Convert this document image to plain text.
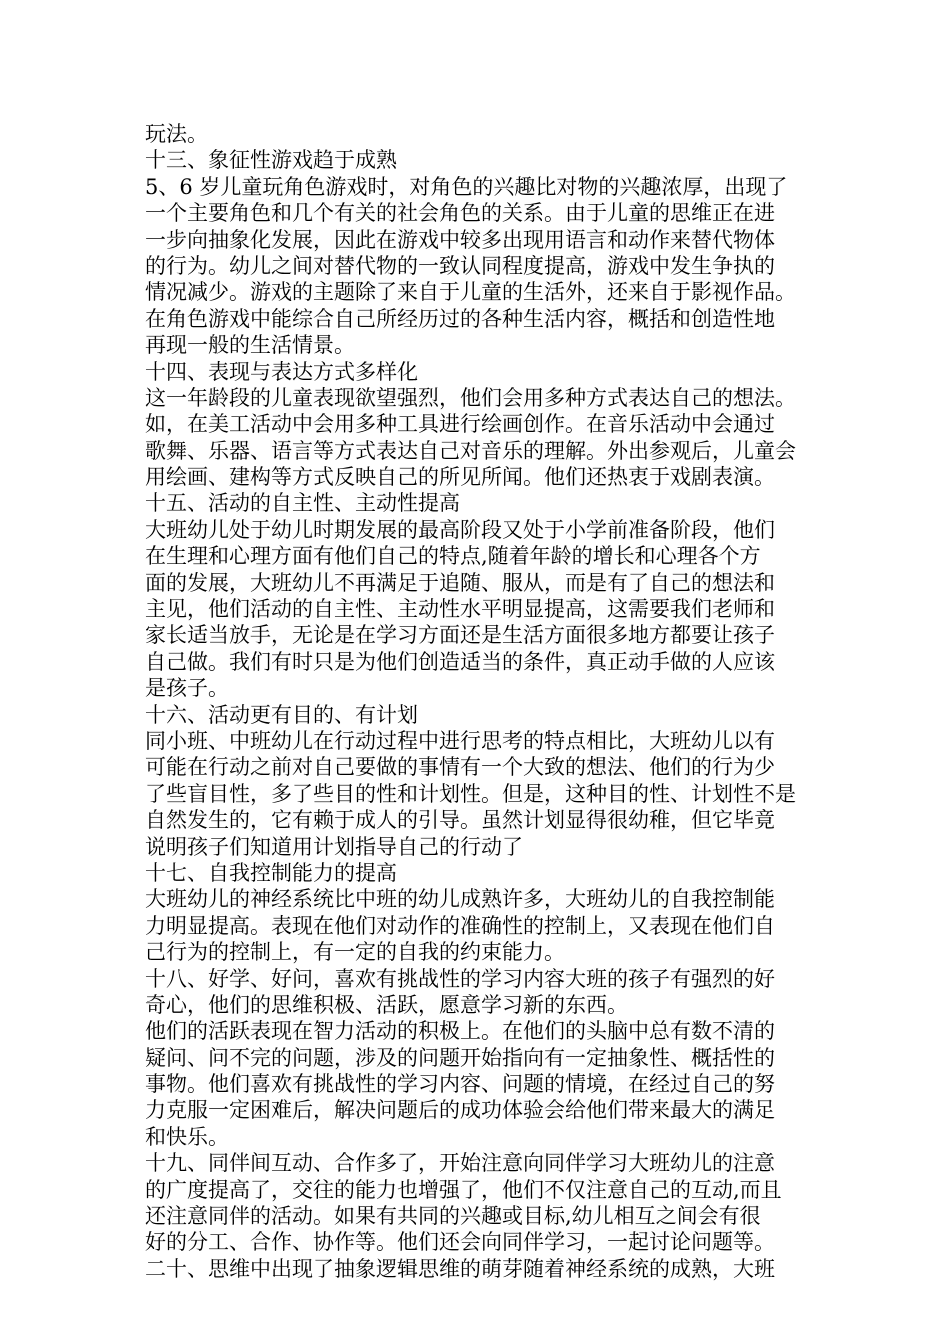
玩法。
十三、象征性游戏趋于成熟
5、6 岁儿童玩角色游戏时，对角色的兴趣比对物的兴趣浓厚，出现了
一个主要角色和几个有关的社会角色的关系。由于儿童的思维正在进
一步向抽象化发展，因此在游戏中较多出现用语言和动作来替代物体
的行为。幼儿之间对替代物的一致认同程度提高，游戏中发生争执的
情况减少。游戏的主题除了来自于儿童的生活外，还来自于影视作品。
在角色游戏中能综合自己所经历过的各种生活内容，概括和创造性地
再现一般的生活情景。
十四、表现与表达方式多样化
这一年龄段的儿童表现欲望强烈，他们会用多种方式表达自己的想法。
如，在美工活动中会用多种工具进行绘画创作。在音乐活动中会通过
歌舞、乐器、语言等方式表达自己对音乐的理解。外出参观后，儿童会
用绘画、建构等方式反映自己的所见所闻。他们还热衷于戏剧表演。
十五、活动的自主性、主动性提高
大班幼儿处于幼儿时期发展的最高阶段又处于小学前准备阶段，他们
在生理和心理方面有他们自己的特点,随着年龄的增长和心理各个方
面的发展，大班幼儿不再满足于追随、服从，而是有了自己的想法和
主见，他们活动的自主性、主动性水平明显提高，这需要我们老师和
家长适当放手，无论是在学习方面还是生活方面很多地方都要让孩子
自己做。我们有时只是为他们创造适当的条件，真正动手做的人应该
是孩子。
十六、活动更有目的、有计划
同小班、中班幼儿在行动过程中进行思考的特点相比，大班幼儿以有
可能在行动之前对自己要做的事情有一个大致的想法、他们的行为少
了些盲目性，多了些目的性和计划性。但是，这种目的性、计划性不是
自然发生的，它有赖于成人的引导。虽然计划显得很幼稚，但它毕竟
说明孩子们知道用计划指导自己的行动了
十七、自我控制能力的提高
大班幼儿的神经系统比中班的幼儿成熟许多，大班幼儿的自我控制能
力明显提高。表现在他们对动作的准确性的控制上，又表现在他们自
己行为的控制上，有一定的自我的约束能力。
十八、好学、好问，喜欢有挑战性的学习内容大班的孩子有强烈的好
奇心，他们的思维积极、活跃，愿意学习新的东西。
他们的活跃表现在智力活动的积极上。在他们的头脑中总有数不清的
疑问、问不完的问题，涉及的问题开始指向有一定抽象性、概括性的
事物。他们喜欢有挑战性的学习内容、问题的情境，在经过自己的努
力克服一定困难后，解决问题后的成功体验会给他们带来最大的满足
和快乐。
十九、同伴间互动、合作多了，开始注意向同伴学习大班幼儿的注意
的广度提高了，交往的能力也增强了，他们不仅注意自己的互动,而且
还注意同伴的活动。如果有共同的兴趣或目标,幼儿相互之间会有很
好的分工、合作、协作等。他们还会向同伴学习，一起讨论问题等。
二十、思维中出现了抽象逻辑思维的萌芽随着神经系统的成熟，大班
